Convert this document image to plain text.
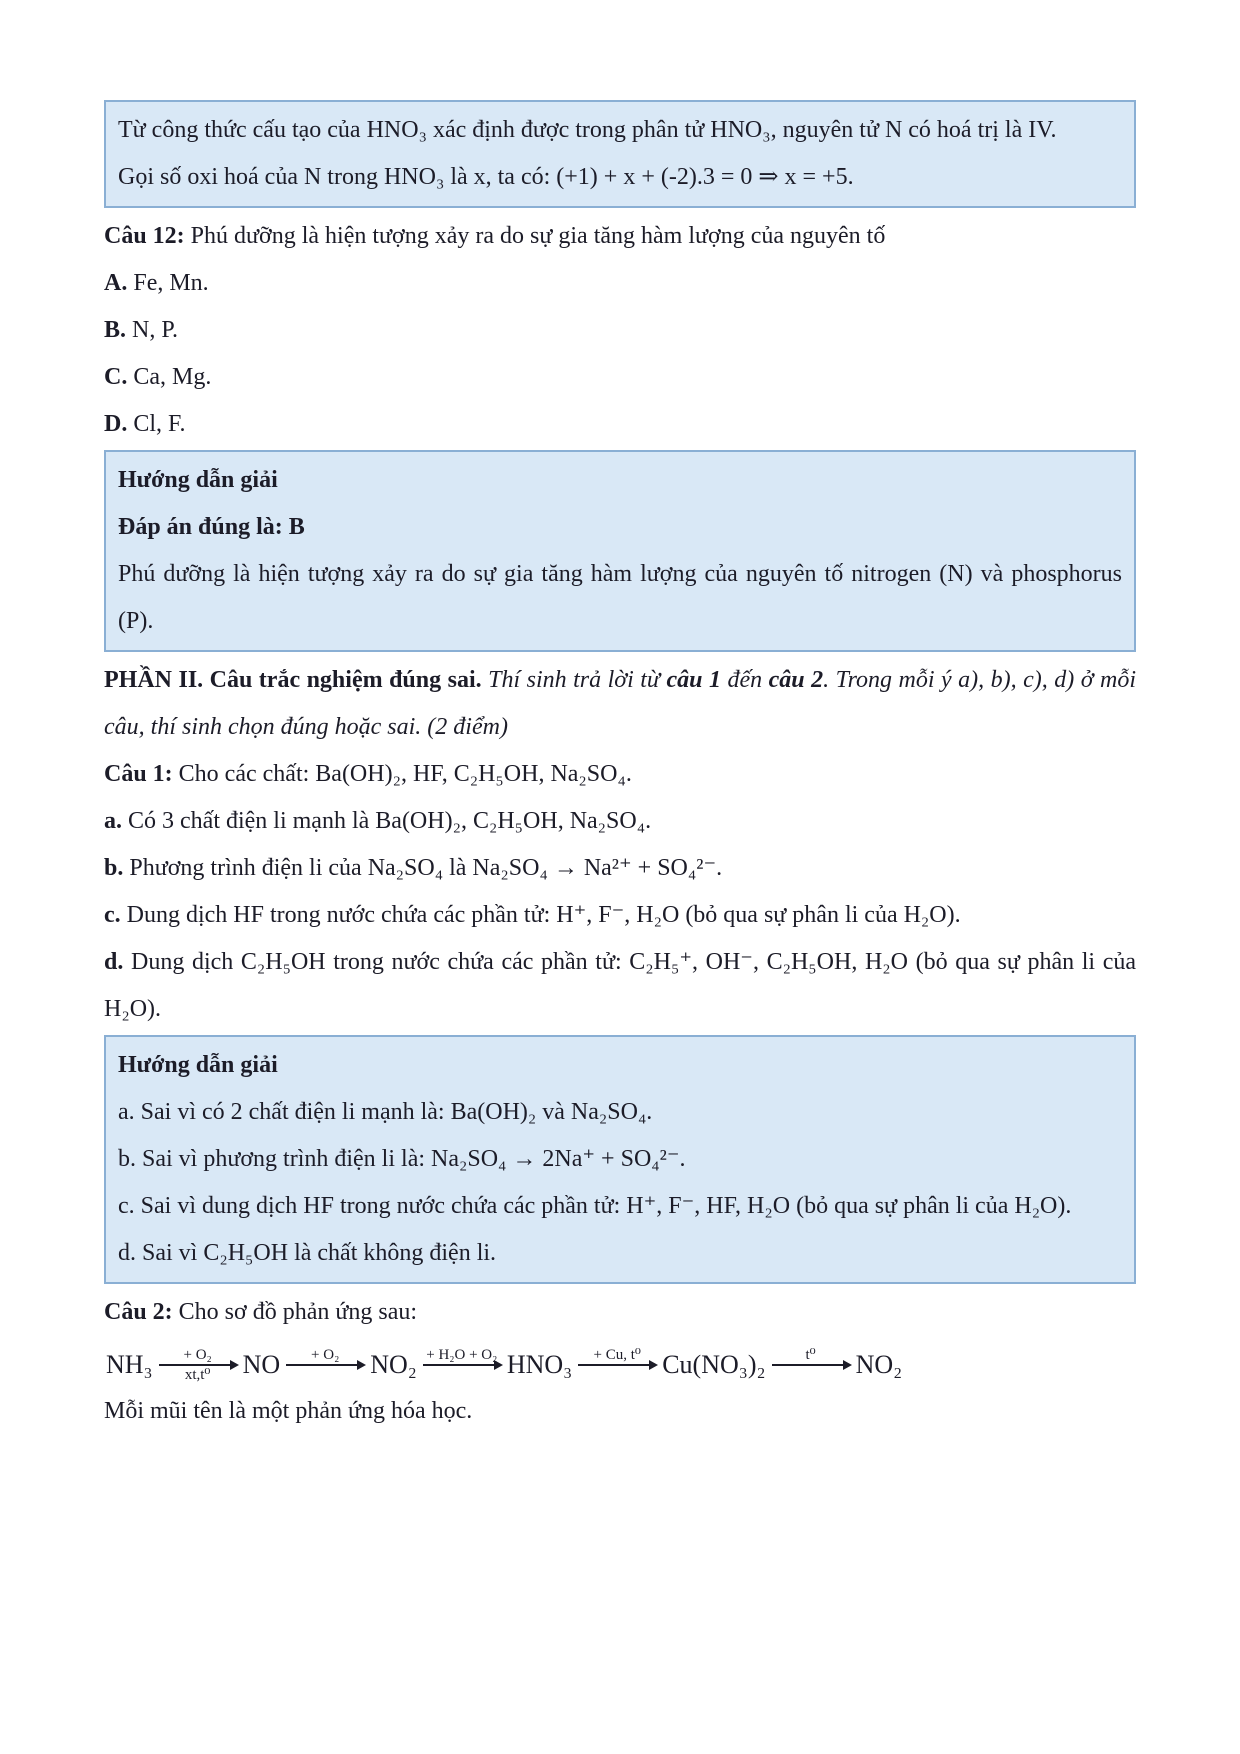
Từ công thức cấu tạo của HNO₃ xác định được trong phân tử HNO₃, nguyên tử N có hoá trị là IV.

Gọi số oxi hoá của N trong HNO₃ là x, ta có: (+1) + x + (-2).3 = 0 ⇒ x = +5.

Câu 12: Phú dưỡng là hiện tượng xảy ra do sự gia tăng hàm lượng của nguyên tố

A. Fe, Mn.

B. N, P.

C. Ca, Mg.

D. Cl, F.

Hướng dẫn giải

Đáp án đúng là: B

Phú dưỡng là hiện tượng xảy ra do sự gia tăng hàm lượng của nguyên tố nitrogen (N) và phosphorus (P).

PHẦN II. Câu trắc nghiệm đúng sai. Thí sinh trả lời từ câu 1 đến câu 2. Trong mỗi ý a), b), c), d) ở mỗi câu, thí sinh chọn đúng hoặc sai. (2 điểm)

Câu 1: Cho các chất: Ba(OH)₂, HF, C₂H₅OH, Na₂SO₄.

a. Có 3 chất điện li mạnh là Ba(OH)₂, C₂H₅OH, Na₂SO₄.

b. Phương trình điện li của Na₂SO₄ là Na₂SO₄ → Na²⁺ + SO₄²⁻.

c. Dung dịch HF trong nước chứa các phần tử: H⁺, F⁻, H₂O (bỏ qua sự phân li của H₂O).

d. Dung dịch C₂H₅OH trong nước chứa các phần tử: C₂H₅⁺, OH⁻, C₂H₅OH, H₂O (bỏ qua sự phân li của H₂O).

Hướng dẫn giải

a. Sai vì có 2 chất điện li mạnh là: Ba(OH)₂ và Na₂SO₄.

b. Sai vì phương trình điện li là: Na₂SO₄ → 2Na⁺ + SO₄²⁻.

c. Sai vì dung dịch HF trong nước chứa các phần tử: H⁺, F⁻, HF, H₂O (bỏ qua sự phân li của H₂O).

d. Sai vì C₂H₅OH là chất không điện li.

Câu 2: Cho sơ đồ phản ứng sau:

NH₃ + O₂
xt,t⁰ NO + O₂ NO₂ + H₂O + O₂ HNO₃ + Cu, t⁰ Cu(NO₃)₂	t⁰ NO₂

Mỗi mũi tên là một phản ứng hóa học.
